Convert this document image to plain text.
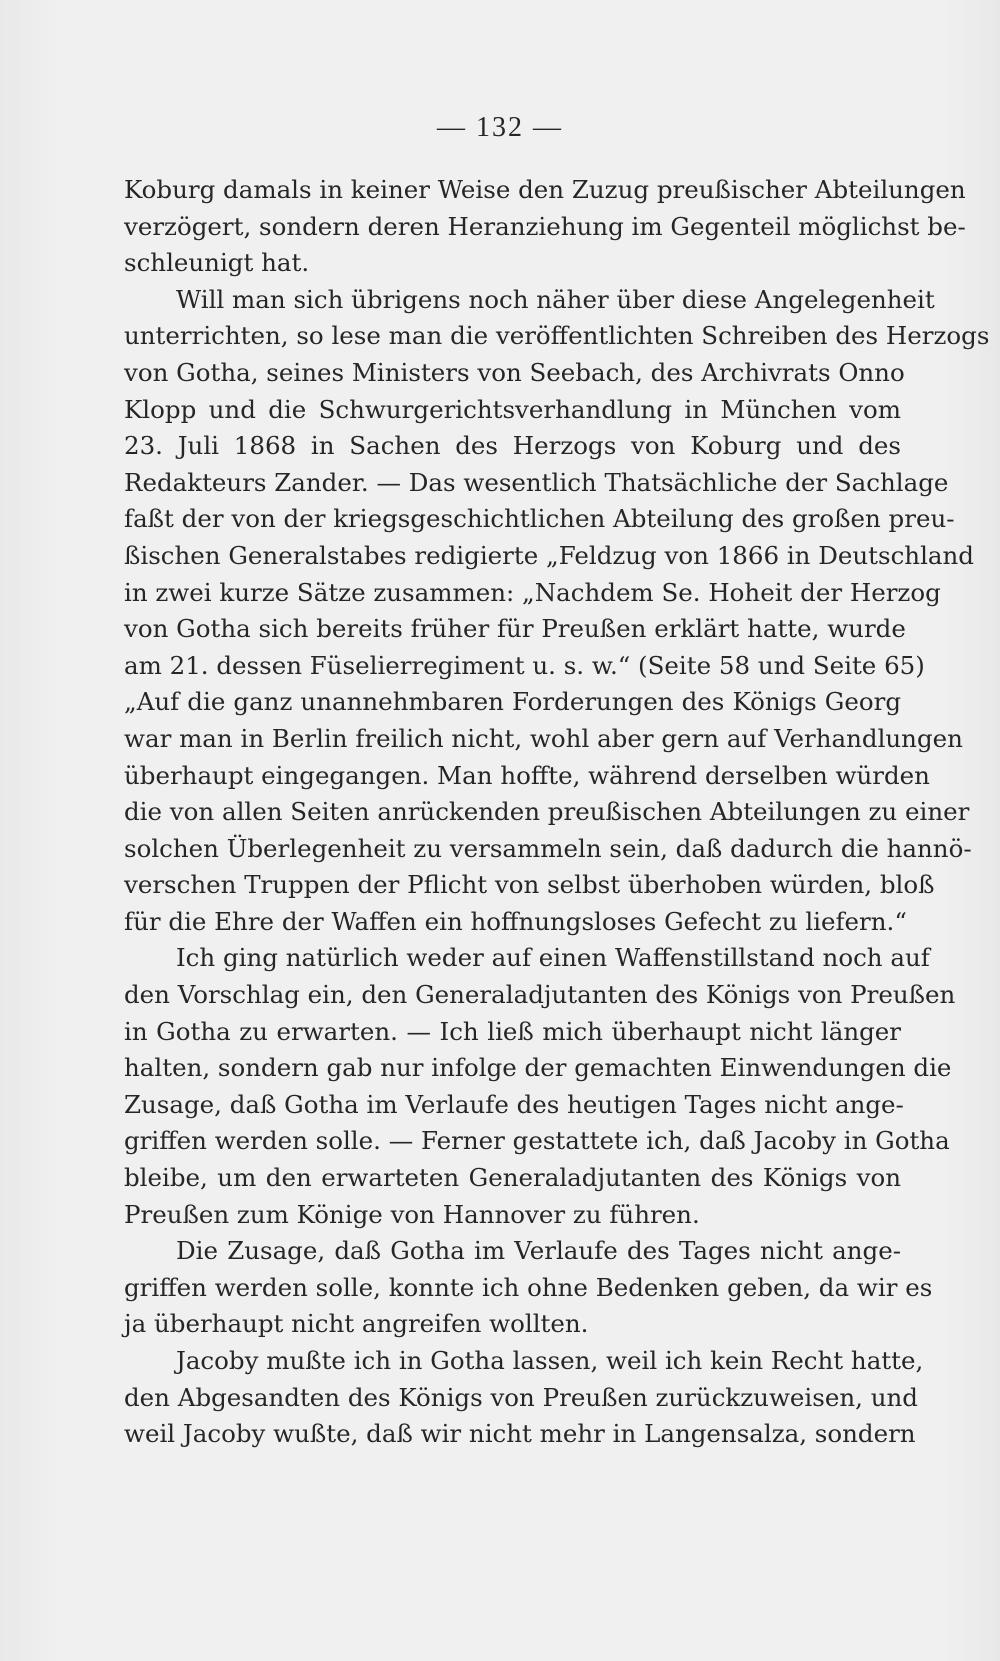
— 132 —
Koburg damals in keiner Weise den Zuzug preußischer Abteilungen
verzögert, sondern deren Heranziehung im Gegenteil möglichst be-
schleunigt hat.
Will man sich übrigens noch näher über diese Angelegenheit
unterrichten, so lese man die veröffentlichten Schreiben des Herzogs
von Gotha, seines Ministers von Seebach, des Archivrats Onno
Klopp und die Schwurgerichtsverhandlung in München vom
23. Juli 1868 in Sachen des Herzogs von Koburg und des
Redakteurs Zander. — Das wesentlich Thatsächliche der Sachlage
faßt der von der kriegsgeschichtlichen Abteilung des großen preu-
ßischen Generalstabes redigierte „Feldzug von 1866 in Deutschland
in zwei kurze Sätze zusammen: „Nachdem Se. Hoheit der Herzog
von Gotha sich bereits früher für Preußen erklärt hatte, wurde
am 21. dessen Füselierregiment u. s. w.“ (Seite 58 und Seite 65)
„Auf die ganz unannehmbaren Forderungen des Königs Georg
war man in Berlin freilich nicht, wohl aber gern auf Verhandlungen
überhaupt eingegangen. Man hoffte, während derselben würden
die von allen Seiten anrückenden preußischen Abteilungen zu einer
solchen Überlegenheit zu versammeln sein, daß dadurch die hannö-
verschen Truppen der Pflicht von selbst überhoben würden, bloß
für die Ehre der Waffen ein hoffnungsloses Gefecht zu liefern.“
Ich ging natürlich weder auf einen Waffenstillstand noch auf
den Vorschlag ein, den Generaladjutanten des Königs von Preußen
in Gotha zu erwarten. — Ich ließ mich überhaupt nicht länger
halten, sondern gab nur infolge der gemachten Einwendungen die
Zusage, daß Gotha im Verlaufe des heutigen Tages nicht ange-
griffen werden solle. — Ferner gestattete ich, daß Jacoby in Gotha
bleibe, um den erwarteten Generaladjutanten des Königs von
Preußen zum Könige von Hannover zu führen.
Die Zusage, daß Gotha im Verlaufe des Tages nicht ange-
griffen werden solle, konnte ich ohne Bedenken geben, da wir es
ja überhaupt nicht angreifen wollten.
Jacoby mußte ich in Gotha lassen, weil ich kein Recht hatte,
den Abgesandten des Königs von Preußen zurückzuweisen, und
weil Jacoby wußte, daß wir nicht mehr in Langensalza, sondern
